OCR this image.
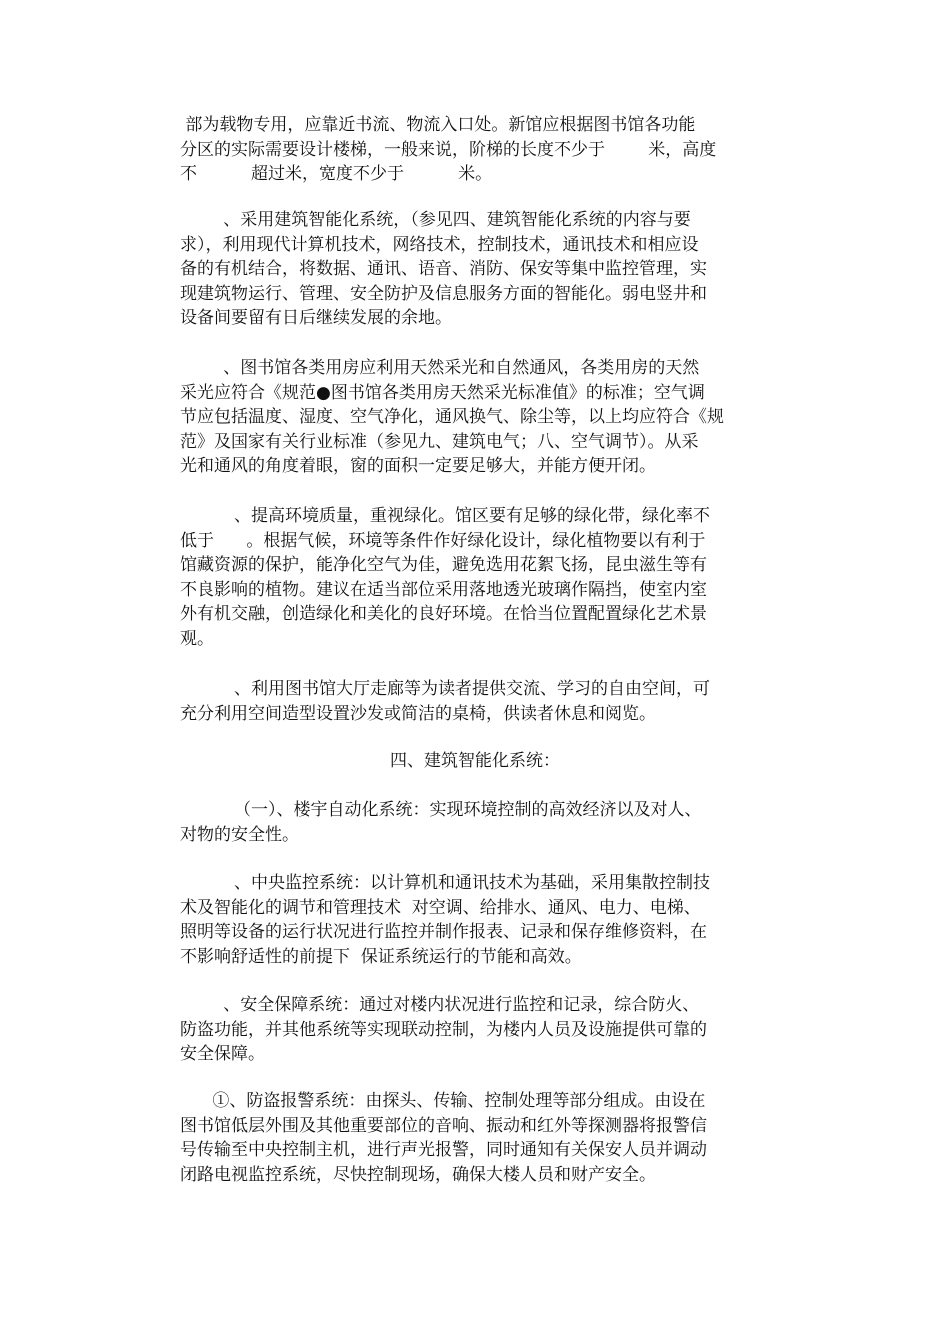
部为载物专用，应靠近书流、物流入口处。新馆应根据图书馆各功能
分区的实际需要设计楼梯，一般来说，阶梯的长度不少于        米，高度
不          超过米，宽度不少于          米。
、采用建筑智能化系统，（参见四、建筑智能化系统的内容与要
求），利用现代计算机技术，网络技术，控制技术，通讯技术和相应设
备的有机结合，将数据、通讯、语音、消防、保安等集中监控管理，实
现建筑物运行、管理、安全防护及信息服务方面的智能化。弱电竖井和
设备间要留有日后继续发展的余地。
、图书馆各类用房应利用天然采光和自然通风，各类用房的天然
采光应符合《规范●图书馆各类用房天然采光标准值》的标准；空气调
节应包括温度、湿度、空气净化，通风换气、除尘等，以上均应符合《规
范》及国家有关行业标准（参见九、建筑电气；八、空气调节）。从采
光和通风的角度着眼，窗的面积一定要足够大，并能方便开闭。
、提高环境质量，重视绿化。馆区要有足够的绿化带，绿化率不
低于      。根据气候，环境等条件作好绿化设计，绿化植物要以有利于
馆藏资源的保护，能净化空气为佳，避免选用花絮飞扬，昆虫滋生等有
不良影响的植物。建议在适当部位采用落地透光玻璃作隔挡，使室内室
外有机交融，创造绿化和美化的良好环境。在恰当位置配置绿化艺术景
观。
、利用图书馆大厅走廊等为读者提供交流、学习的自由空间，可
充分利用空间造型设置沙发或简洁的桌椅，供读者休息和阅览。
四、建筑智能化系统：
（一）、楼宇自动化系统：实现环境控制的高效经济以及对人、
对物的安全性。
、中央监控系统：以计算机和通讯技术为基础，采用集散控制技
术及智能化的调节和管理技术  对空调、给排水、通风、电力、电梯、
照明等设备的运行状况进行监控并制作报表、记录和保存维修资料，在
不影响舒适性的前提下  保证系统运行的节能和高效。
、安全保障系统：通过对楼内状况进行监控和记录，综合防火、
防盗功能，并其他系统等实现联动控制，为楼内人员及设施提供可靠的
安全保障。
①、防盗报警系统：由探头、传输、控制处理等部分组成。由设在
图书馆低层外围及其他重要部位的音响、振动和红外等探测器将报警信
号传输至中央控制主机，进行声光报警，同时通知有关保安人员并调动
闭路电视监控系统，尽快控制现场，确保大楼人员和财产安全。
